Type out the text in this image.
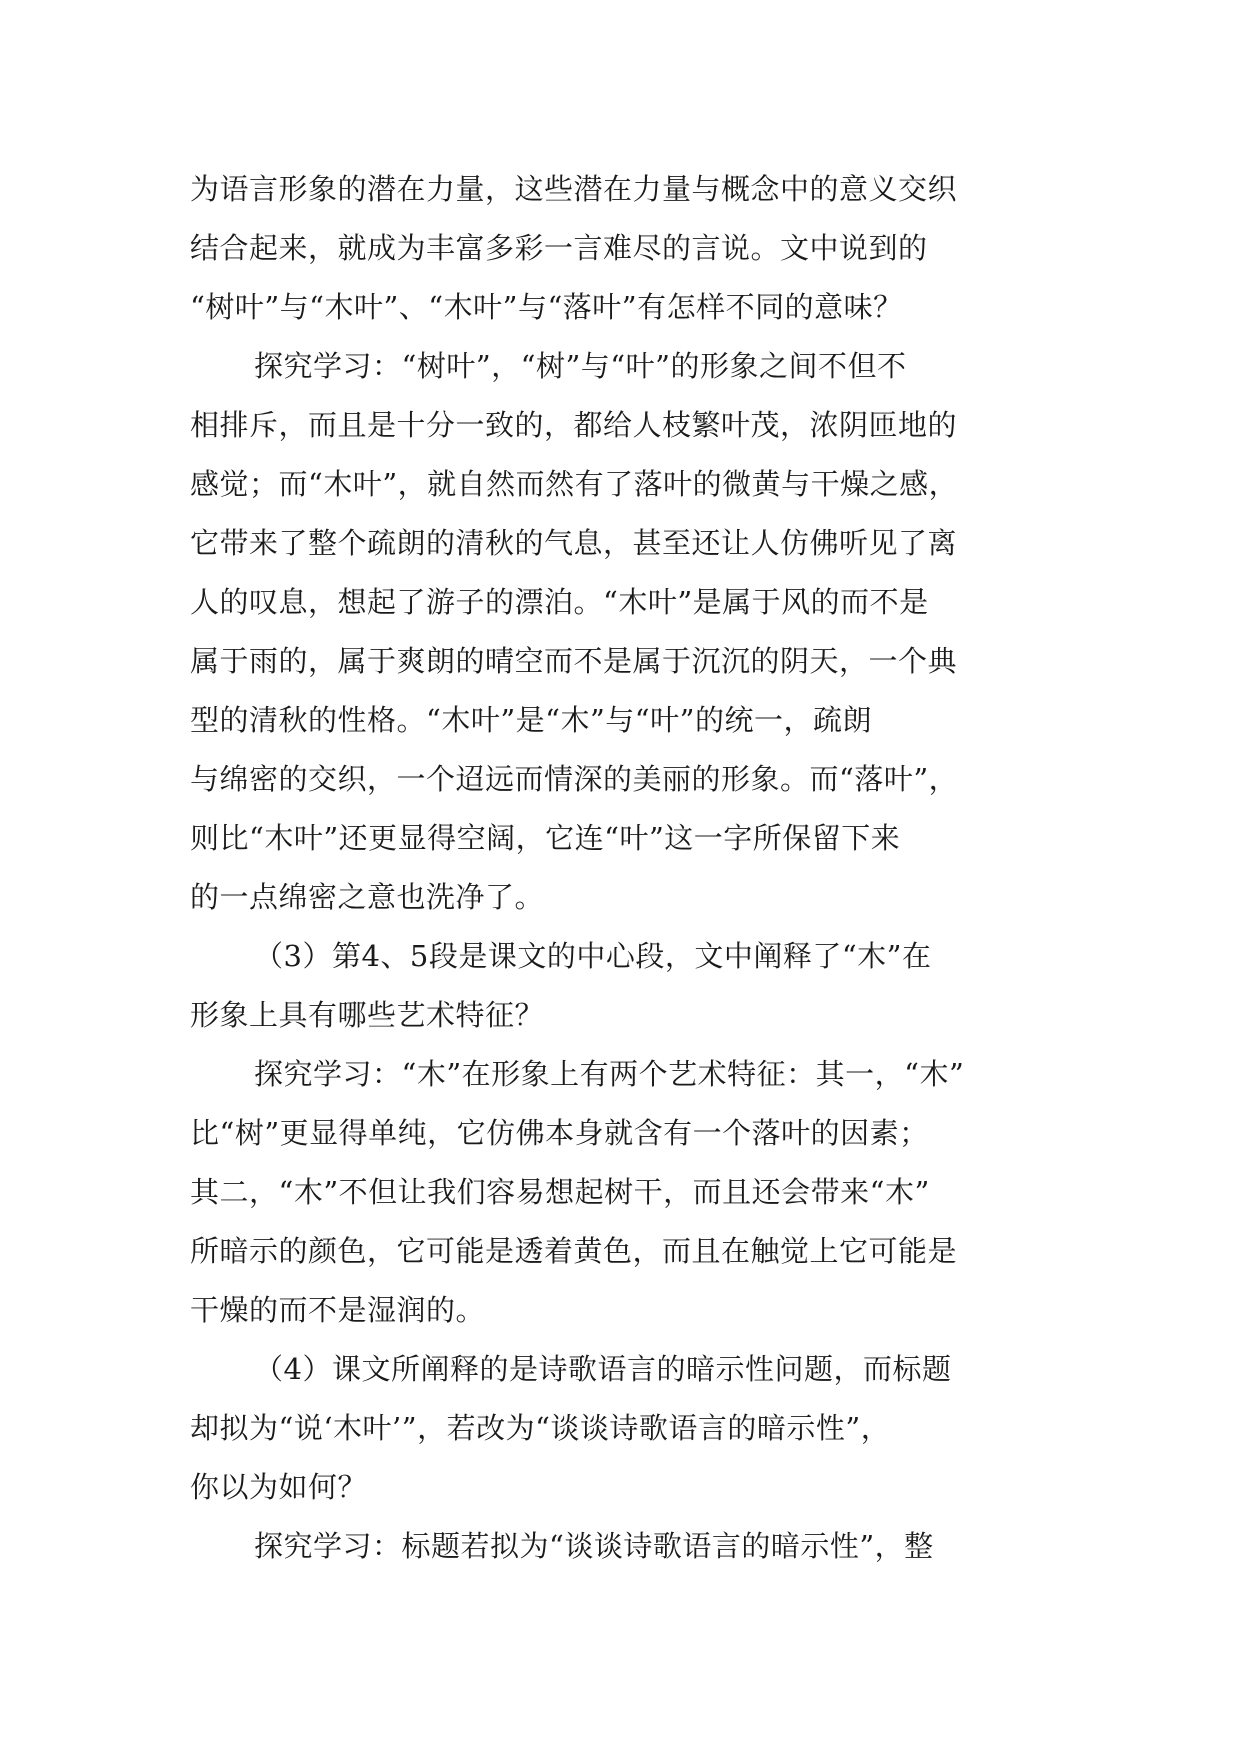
为语言形象的潜在力量，这些潜在力量与概念中的意义交织
结合起来，就成为丰富多彩一言难尽的言说。文中说到的
“树叶”与“木叶”、“木叶”与“落叶”有怎样不同的意味？
探究学习：“树叶”，“树”与“叶”的形象之间不但不
相排斥，而且是十分一致的，都给人枝繁叶茂，浓阴匝地的
感觉；而“木叶”，就自然而然有了落叶的微黄与干燥之感，
它带来了整个疏朗的清秋的气息，甚至还让人仿佛听见了离
人的叹息，想起了游子的漂泊。“木叶”是属于风的而不是
属于雨的，属于爽朗的晴空而不是属于沉沉的阴天，一个典
型的清秋的性格。“木叶”是“木”与“叶”的统一，疏朗
与绵密的交织，一个迢远而情深的美丽的形象。而“落叶”，
则比“木叶”还更显得空阔，它连“叶”这一字所保留下来
的一点绵密之意也洗净了。
（3）第4、5段是课文的中心段，文中阐释了“木”在
形象上具有哪些艺术特征？
探究学习：“木”在形象上有两个艺术特征：其一，“木”
比“树”更显得单纯，它仿佛本身就含有一个落叶的因素；
其二，“木”不但让我们容易想起树干，而且还会带来“木”
所暗示的颜色，它可能是透着黄色，而且在触觉上它可能是
干燥的而不是湿润的。
（4）课文所阐释的是诗歌语言的暗示性问题，而标题
却拟为“说‘木叶’”，若改为“谈谈诗歌语言的暗示性”，
你以为如何？
探究学习：标题若拟为“谈谈诗歌语言的暗示性”，整
